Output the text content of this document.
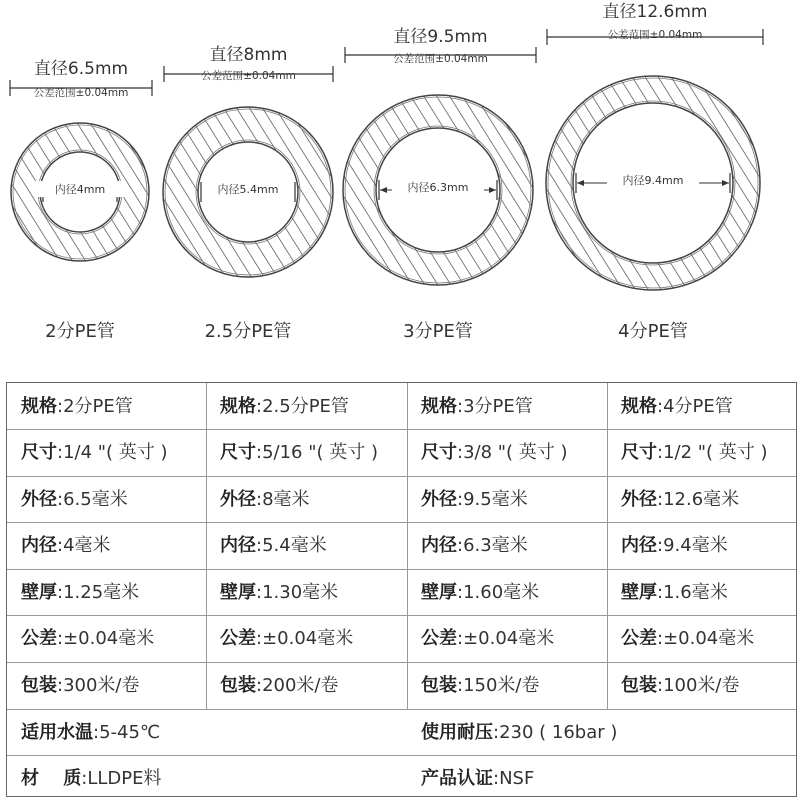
直径6.5mm
公差范围±0.04mm
内径4mm
2分PE管
直径8mm
公差范围±0.04mm
内径5.4mm
2.5分PE管
直径9.5mm
公差范围±0.04mm
内径6.3mm
3分PE管
直径12.6mm
公差范围±0.04mm
内径9.4mm
4分PE管
规格:2分PE管	规格:2.5分PE管	规格:3分PE管	规格:4分PE管
尺寸:1/4 "( 英寸 )	尺寸:5/16 "( 英寸 )	尺寸:3/8 "( 英寸 )	尺寸:1/2 "( 英寸 )
外径:6.5毫米	外径:8毫米	外径:9.5毫米	外径:12.6毫米
内径:4毫米	内径:5.4毫米	内径:6.3毫米	内径:9.4毫米
壁厚:1.25毫米	壁厚:1.30毫米	壁厚:1.60毫米	壁厚:1.6毫米
公差:±0.04毫米	公差:±0.04毫米	公差:±0.04毫米	公差:±0.04毫米
包装:300米/卷	包装:200米/卷	包装:150米/卷	包装:100米/卷
适用水温:5-45℃	使用耐压:230 ( 16bar )
材　 质:LLDPE料	产品认证:NSF
